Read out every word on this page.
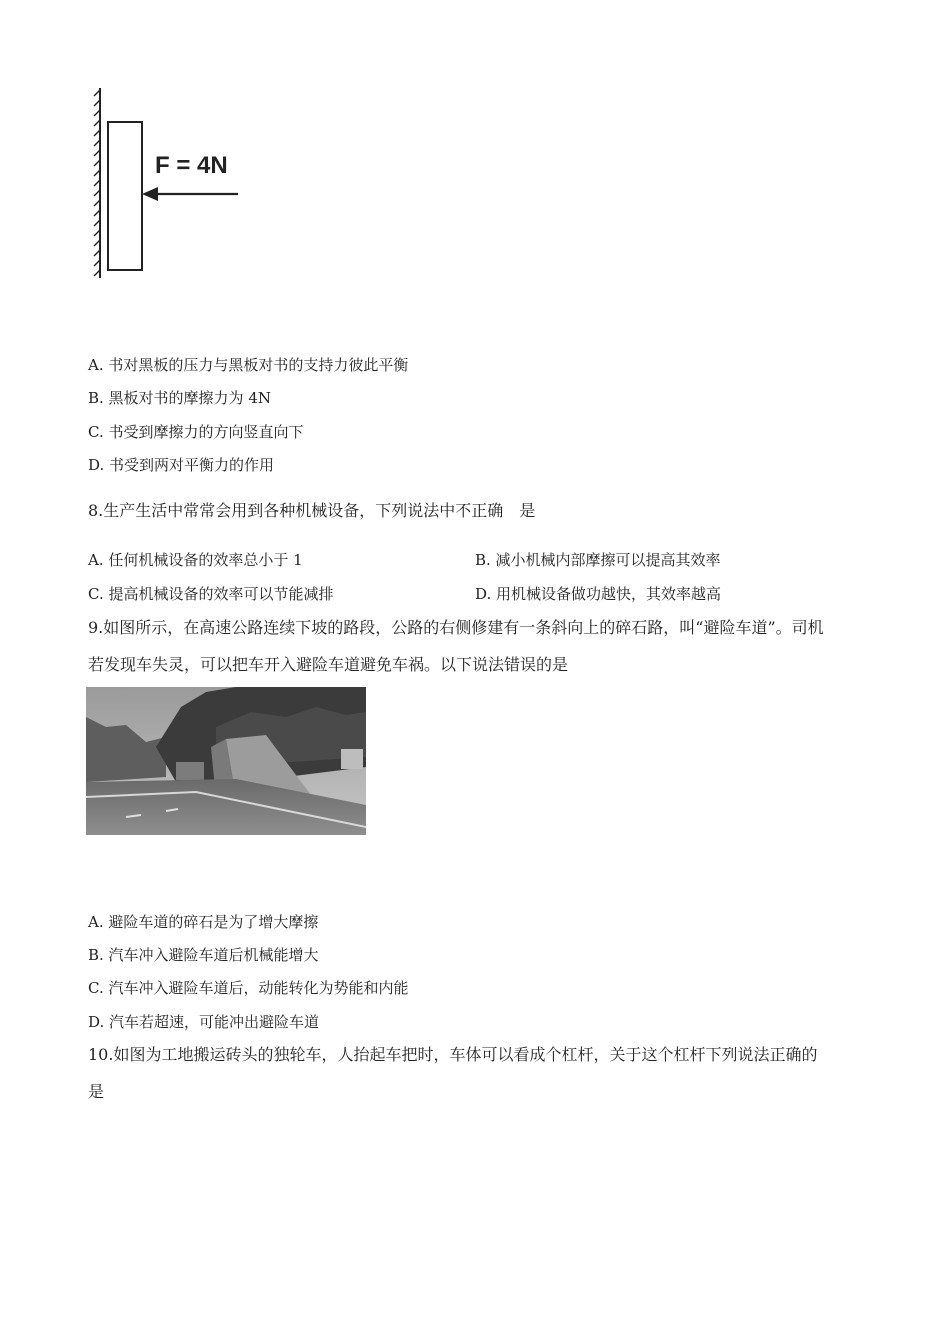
F = 4N
A. 书对黑板的压力与黑板对书的支持力彼此平衡
B. 黑板对书的摩擦力为 4N
C. 书受到摩擦力的方向竖直向下
D. 书受到两对平衡力的作用
8.生产生活中常常会用到各种机械设备，下列说法中不正确　是
A. 任何机械设备的效率总小于 1	B. 减小机械内部摩擦可以提高其效率
C. 提高机械设备的效率可以节能减排	D. 用机械设备做功越快，其效率越高
9.如图所示，在高速公路连续下坡的路段，公路的右侧修建有一条斜向上的碎石路，叫“避险车道”。司机
若发现车失灵，可以把车开入避险车道避免车祸。以下说法错误的是
A. 避险车道的碎石是为了增大摩擦
B. 汽车冲入避险车道后机械能增大
C. 汽车冲入避险车道后，动能转化为势能和内能
D. 汽车若超速，可能冲出避险车道
10.如图为工地搬运砖头的独轮车，人抬起车把时，车体可以看成个杠杆，关于这个杠杆下列说法正确的
是
